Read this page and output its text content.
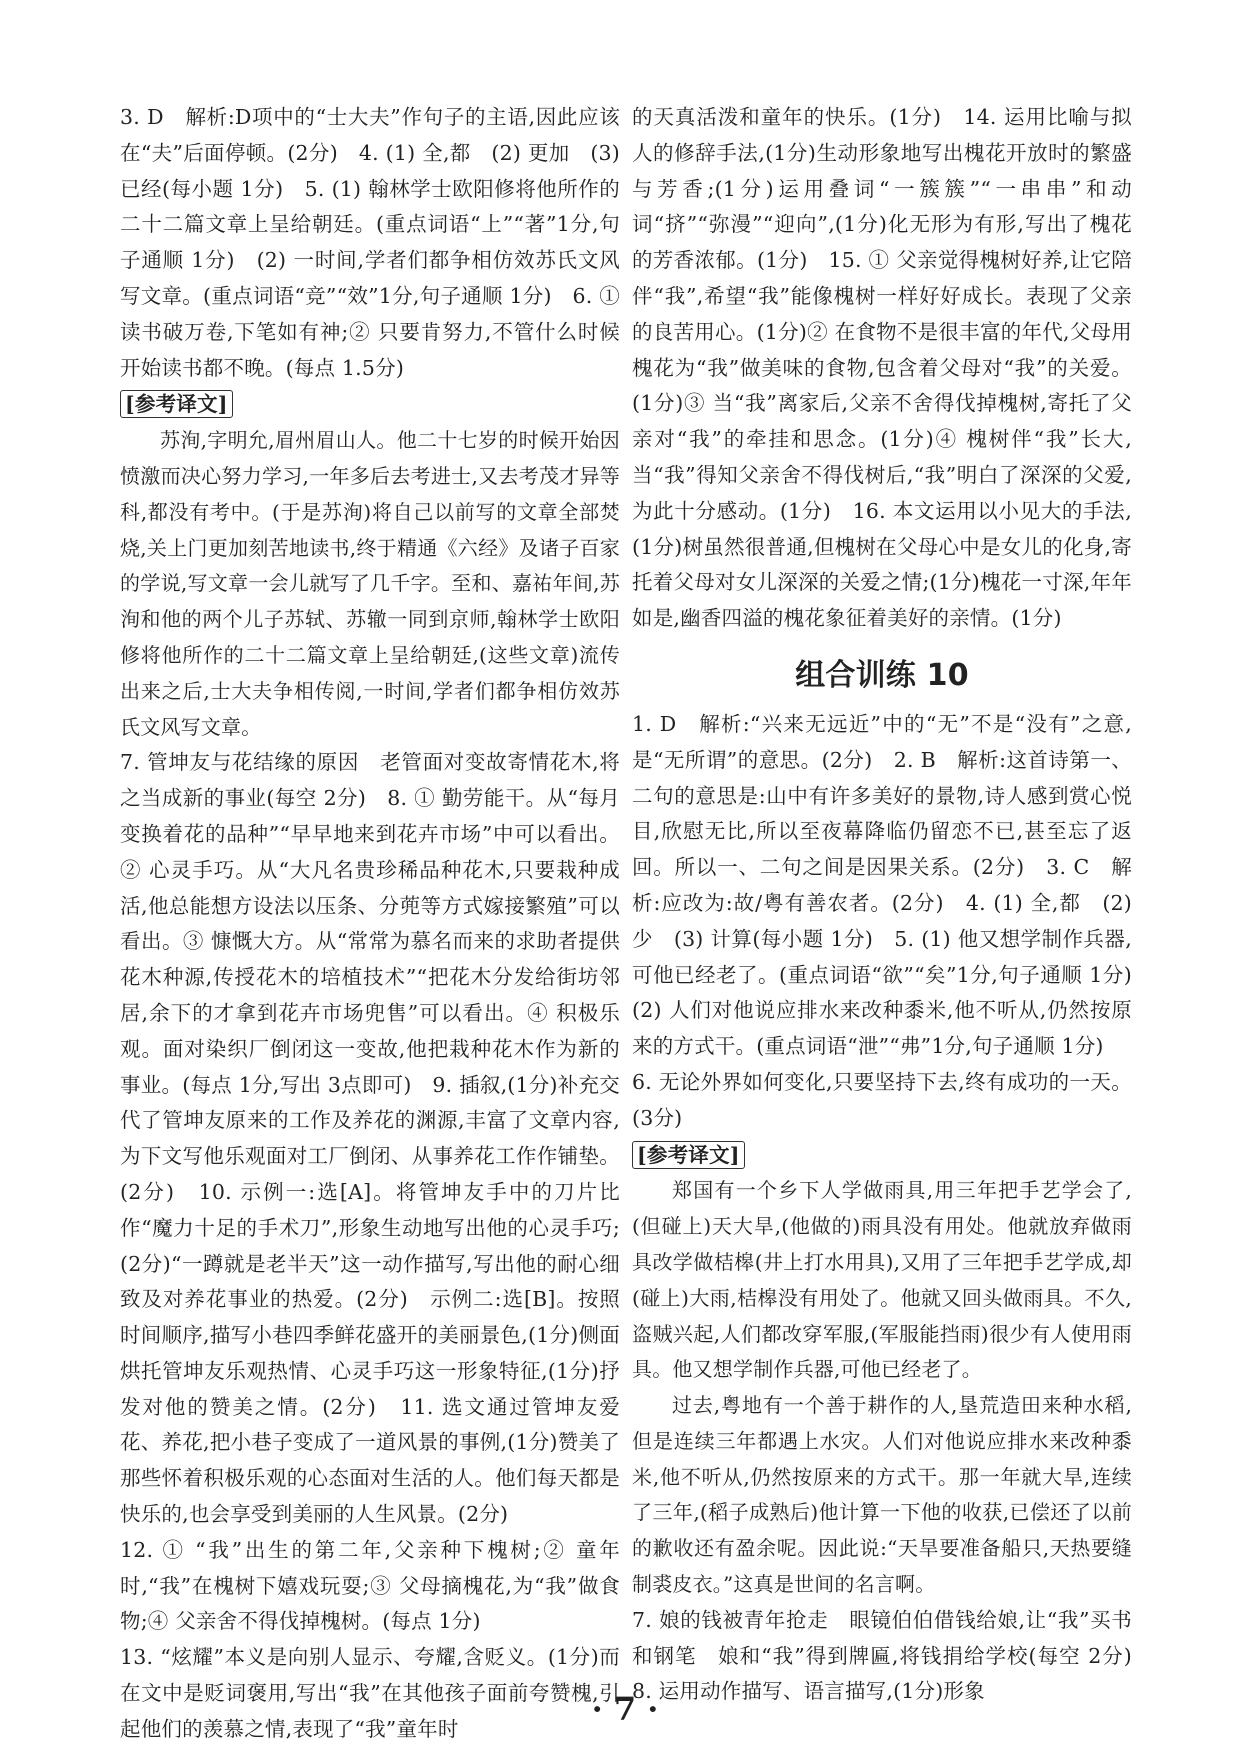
3. D　解析:D项中的“士大夫”作句子的主语,因此应该在“夫”后面停顿。(2分)　4. (1) 全,都　(2) 更加　(3) 已经(每小题 1分)　5. (1) 翰林学士欧阳修将他所作的二十二篇文章上呈给朝廷。(重点词语“上”“著”1分,句子通顺 1分)　(2) 一时间,学者们都争相仿效苏氏文风写文章。(重点词语“竞”“效”1分,句子通顺 1分)　6. ① 读书破万卷,下笔如有神;② 只要肯努力,不管什么时候开始读书都不晚。(每点 1.5分)

[参考译文]

苏洵,字明允,眉州眉山人。他二十七岁的时候开始因愤激而决心努力学习,一年多后去考进士,又去考茂才异等科,都没有考中。(于是苏洵)将自己以前写的文章全部焚烧,关上门更加刻苦地读书,终于精通《六经》及诸子百家的学说,写文章一会儿就写了几千字。至和、嘉祐年间,苏洵和他的两个儿子苏轼、苏辙一同到京师,翰林学士欧阳修将他所作的二十二篇文章上呈给朝廷,(这些文章)流传出来之后,士大夫争相传阅,一时间,学者们都争相仿效苏氏文风写文章。

7. 管坤友与花结缘的原因　老管面对变故寄情花木,将之当成新的事业(每空 2分)　8. ① 勤劳能干。从“每月变换着花的品种”“早早地来到花卉市场”中可以看出。② 心灵手巧。从“大凡名贵珍稀品种花木,只要栽种成活,他总能想方设法以压条、分蔸等方式嫁接繁殖”可以看出。③ 慷慨大方。从“常常为慕名而来的求助者提供花木种源,传授花木的培植技术”“把花木分发给街坊邻居,余下的才拿到花卉市场兜售”可以看出。④ 积极乐观。面对染织厂倒闭这一变故,他把栽种花木作为新的事业。(每点 1分,写出 3点即可)　9. 插叙,(1分)补充交代了管坤友原来的工作及养花的渊源,丰富了文章内容,为下文写他乐观面对工厂倒闭、从事养花工作作铺垫。(2分)　10. 示例一:选[A]。将管坤友手中的刀片比作“魔力十足的手术刀”,形象生动地写出他的心灵手巧;(2分)“一蹲就是老半天”这一动作描写,写出他的耐心细致及对养花事业的热爱。(2分)　示例二:选[B]。按照时间顺序,描写小巷四季鲜花盛开的美丽景色,(1分)侧面烘托管坤友乐观热情、心灵手巧这一形象特征,(1分)抒发对他的赞美之情。(2分)　11. 选文通过管坤友爱花、养花,把小巷子变成了一道风景的事例,(1分)赞美了那些怀着积极乐观的心态面对生活的人。他们每天都是快乐的,也会享受到美丽的人生风景。(2分)

12. ① “我”出生的第二年,父亲种下槐树;② 童年时,“我”在槐树下嬉戏玩耍;③ 父母摘槐花,为“我”做食物;④ 父亲舍不得伐掉槐树。(每点 1分)

13. “炫耀”本义是向别人显示、夸耀,含贬义。(1分)而在文中是贬词褒用,写出“我”在其他孩子面前夸赞槐,引起他们的羡慕之情,表现了“我”童年时

的天真活泼和童年的快乐。(1分)　14. 运用比喻与拟人的修辞手法,(1分)生动形象地写出槐花开放时的繁盛与芳香;(1分)运用叠词“一簇簇”“一串串”和动词“挤”“弥漫”“迎向”,(1分)化无形为有形,写出了槐花的芳香浓郁。(1分)　15. ① 父亲觉得槐树好养,让它陪伴“我”,希望“我”能像槐树一样好好成长。表现了父亲的良苦用心。(1分)② 在食物不是很丰富的年代,父母用槐花为“我”做美味的食物,包含着父母对“我”的关爱。(1分)③ 当“我”离家后,父亲不舍得伐掉槐树,寄托了父亲对“我”的牵挂和思念。(1分)④ 槐树伴“我”长大,当“我”得知父亲舍不得伐树后,“我”明白了深深的父爱,为此十分感动。(1分)　16. 本文运用以小见大的手法,(1分)树虽然很普通,但槐树在父母心中是女儿的化身,寄托着父母对女儿深深的关爱之情;(1分)槐花一寸深,年年如是,幽香四溢的槐花象征着美好的亲情。(1分)

组合训练 10

1. D　解析:“兴来无远近”中的“无”不是“没有”之意,是“无所谓”的意思。(2分)　2. B　解析:这首诗第一、二句的意思是:山中有许多美好的景物,诗人感到赏心悦目,欣慰无比,所以至夜幕降临仍留恋不已,甚至忘了返回。所以一、二句之间是因果关系。(2分)　3. C　解析:应改为:故/粤有善农者。(2分)　4. (1) 全,都　(2) 少　(3) 计算(每小题 1分)　5. (1) 他又想学制作兵器,可他已经老了。(重点词语“欲”“矣”1分,句子通顺 1分)　(2) 人们对他说应排水来改种黍米,他不听从,仍然按原来的方式干。(重点词语“泄”“弗”1分,句子通顺 1分)

6. 无论外界如何变化,只要坚持下去,终有成功的一天。(3分)

[参考译文]

郑国有一个乡下人学做雨具,用三年把手艺学会了,(但碰上)天大旱,(他做的)雨具没有用处。他就放弃做雨具改学做桔槔(井上打水用具),又用了三年把手艺学成,却(碰上)大雨,桔槔没有用处了。他就又回头做雨具。不久,盗贼兴起,人们都改穿军服,(军服能挡雨)很少有人使用雨具。他又想学制作兵器,可他已经老了。

过去,粤地有一个善于耕作的人,垦荒造田来种水稻,但是连续三年都遇上水灾。人们对他说应排水来改种黍米,他不听从,仍然按原来的方式干。那一年就大旱,连续了三年,(稻子成熟后)他计算一下他的收获,已偿还了以前的歉收还有盈余呢。因此说:“天旱要准备船只,天热要缝制裘皮衣。”这真是世间的名言啊。

7. 娘的钱被青年抢走　眼镜伯伯借钱给娘,让“我”买书和钢笔　娘和“我”得到牌匾,将钱捐给学校(每空 2分)　8. 运用动作描写、语言描写,(1分)形象

· 7 ·
